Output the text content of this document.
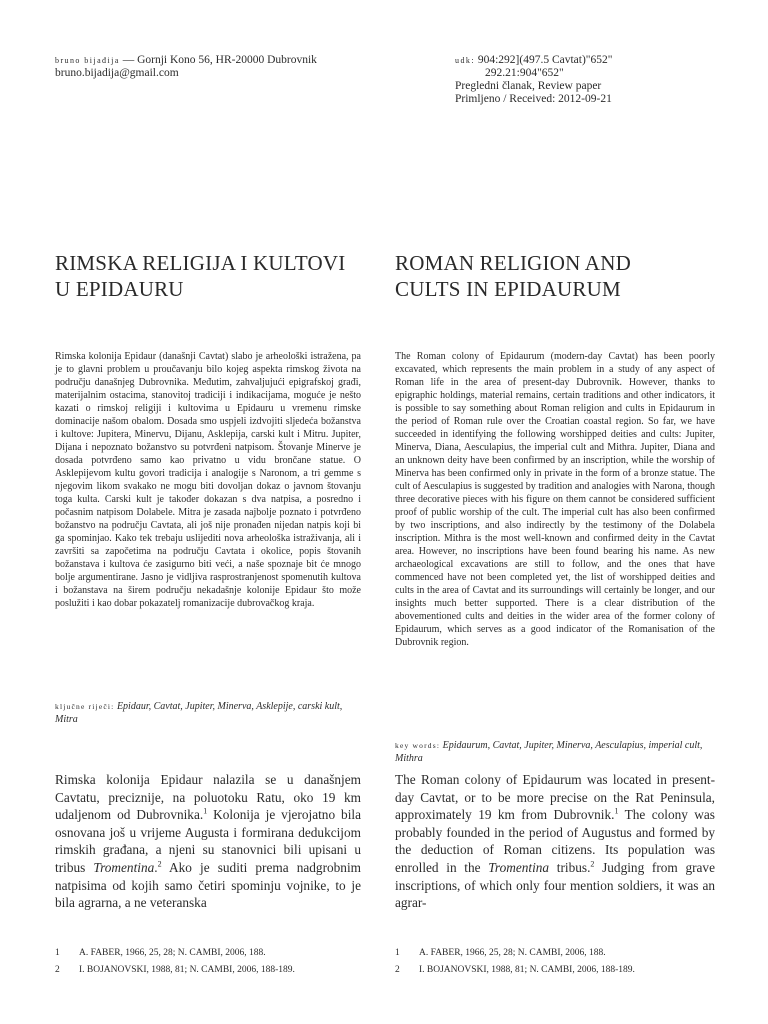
bruno bijađija — Gornji Kono 56, HR-20000 Dubrovnik
bruno.bijadija@gmail.com
udk: 904:292](497.5 Cavtat)"652"
292.21:904"652"
Pregledni članak, Review paper
Primljeno / Received: 2012-09-21
RIMSKA RELIGIJA I KULTOVI
U EPIDAURU
ROMAN RELIGION AND
CULTS IN EPIDAURUM
Rimska kolonija Epidaur (današnji Cavtat) slabo je arheološki istražena, pa je to glavni problem u proučavanju bilo kojeg aspekta rimskog života na području današnjeg Dubrovnika. Međutim, zahvaljujući epigrafskoj građi, materijalnim ostacima, stanovitoj tradiciji i indikacijama, moguće je nešto kazati o rimskoj religiji i kultovima u Epidauru u vremenu rimske dominacije našom obalom. Dosada smo uspjeli izdvojiti sljedeća božanstva i kultove: Jupitera, Minervu, Dijanu, Asklepija, carski kult i Mitru. Jupiter, Dijana i nepoznato božanstvo su potvrđeni natpisom. Štovanje Minerve je dosada potvrđeno samo kao privatno u vidu brončane statue. O Asklepijevom kultu govori tradicija i analogije s Naronom, a tri gemme s njegovim likom svakako ne mogu biti dovoljan dokaz o javnom štovanju toga kulta. Carski kult je također dokazan s dva natpisa, a posredno i počasnim natpisom Dolabele. Mitra je zasada najbolje poznato i potvrđeno božanstvo na području Cavtata, ali još nije pronađen nijedan natpis koji bi ga spominjao. Kako tek trebaju uslijediti nova arheološka istraživanja, ali i završiti sa započetima na području Cavtata i okolice, popis štovanih božanstava i kultova će zasigurno biti veći, a naše spoznaje bit će mnogo bolje argumentirane. Jasno je vidljiva rasprostranjenost spomenutih kultova i božanstava na širem području nekadašnje kolonije Epidaur što može poslužiti i kao dobar pokazatelj romanizacije dubrovačkog kraja.
The Roman colony of Epidaurum (modern-day Cavtat) has been poorly excavated, which represents the main problem in a study of any aspect of Roman life in the area of present-day Dubrovnik. However, thanks to epigraphic holdings, material remains, certain traditions and other indicators, it is possible to say something about Roman religion and cults in Epidaurum in the period of Roman rule over the Croatian coastal region. So far, we have succeeded in identifying the following worshipped deities and cults: Jupiter, Minerva, Diana, Aesculapius, the imperial cult and Mithra. Jupiter, Diana and an unknown deity have been confirmed by an inscription, while the worship of Minerva has been confirmed only in private in the form of a bronze statue. The cult of Aesculapius is suggested by tradition and analogies with Narona, though three decorative pieces with his figure on them cannot be considered sufficient proof of public worship of the cult. The imperial cult has also been confirmed by two inscriptions, and also indirectly by the testimony of the Dolabela inscription. Mithra is the most well-known and confirmed deity in the Cavtat area. However, no inscriptions have been found bearing his name. As new archaeological excavations are still to follow, and the ones that have commenced have not been completed yet, the list of worshipped deities and cults in the area of Cavtat and its surroundings will certainly be longer, and our insights much better supported. There is a clear distribution of the abovementioned cults and deities in the wider area of the former colony of Epidaurum, which serves as a good indicator of the Romanisation of the Dubrovnik region.
ključne riječi: Epidaur, Cavtat, Jupiter, Minerva, Asklepije, carski kult, Mitra
key words: Epidaurum, Cavtat, Jupiter, Minerva, Aesculapius, imperial cult, Mithra
Rimska kolonija Epidaur nalazila se u današnjem Cavtatu, preciznije, na poluotoku Ratu, oko 19 km udaljenom od Dubrovnika.$^1$ Kolonija je vjerojatno bila osnovana još u vrijeme Augusta i formirana dedukcijom rimskih građana, a njeni su stanovnici bili upisani u tribus Tromentina.$^2$ Ako je suditi prema nadgrobnim natpisima od kojih samo četiri spominju vojnike, to je bila agrarna, a ne veteranska
The Roman colony of Epidaurum was located in present-day Cavtat, or to be more precise on the Rat Peninsula, approximately 19 km from Dubrovnik.$^1$ The colony was probably founded in the period of Augustus and formed by the deduction of Roman citizens. Its population was enrolled in the Tromentina tribus.$^2$ Judging from grave inscriptions, of which only four mention soldiers, it was an agrar-
1	A. FABER, 1966, 25, 28; N. CAMBI, 2006, 188.
2	I. BOJANOVSKI, 1988, 81; N. CAMBI, 2006, 188-189.
1	A. FABER, 1966, 25, 28; N. CAMBI, 2006, 188.
2	I. BOJANOVSKI, 1988, 81; N. CAMBI, 2006, 188-189.
